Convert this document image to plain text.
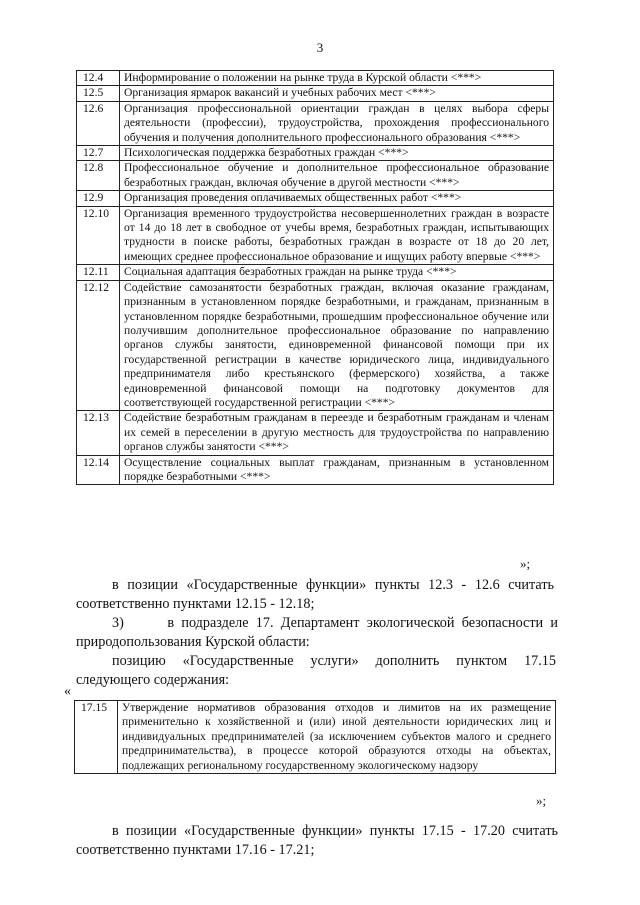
3
12.4	Информирование о положении на рынке труда в Курской области <***>
12.5	Организация ярмарок вакансий и учебных рабочих мест <***>
12.6	Организация профессиональной ориентации граждан в целях выбора сферы деятельности (профессии), трудоустройства, прохождения профессионального обучения и получения дополнительного профессионального образования <***>
12.7	Психологическая поддержка безработных граждан <***>
12.8	Профессиональное обучение и дополнительное профессиональное образование безработных граждан, включая обучение в другой местности <***>
12.9	Организация проведения оплачиваемых общественных работ <***>
12.10	Организация временного трудоустройства несовершеннолетних граждан в возрасте от 14 до 18 лет в свободное от учебы время, безработных граждан, испытывающих трудности в поиске работы, безработных граждан в возрасте от 18 до 20 лет, имеющих среднее профессиональное образование и ищущих работу впервые <***>
12.11	Социальная адаптация безработных граждан на рынке труда <***>
12.12	Содействие самозанятости безработных граждан, включая оказание гражданам, признанным в установленном порядке безработными, и гражданам, признанным в установленном порядке безработными, прошедшим профессиональное обучение или получившим дополнительное профессиональное образование по направлению органов службы занятости, единовременной финансовой помощи при их государственной регистрации в качестве юридического лица, индивидуального предпринимателя либо крестьянского (фермерского) хозяйства, а также единовременной финансовой помощи на подготовку документов для соответствующей государственной регистрации <***>
12.13	Содействие безработным гражданам в переезде и безработным гражданам и членам их семей в переселении в другую местность для трудоустройства по направлению органов службы занятости <***>
12.14	Осуществление социальных выплат гражданам, признанным в установленном порядке безработными <***>
»;
в позиции «Государственные функции» пункты 12.3 - 12.6 считать
соответственно пунктами 12.15 - 12.18;
3)      в подразделе 17. Департамент экологической безопасности и
природопользования Курской области:
позицию «Государственные услуги» дополнить пунктом 17.15
следующего содержания:
«
17.15	Утверждение нормативов образования отходов и лимитов на их размещение применительно к хозяйственной и (или) иной деятельности юридических лиц и индивидуальных предпринимателей (за исключением субъектов малого и среднего предпринимательства), в процессе которой образуются отходы на объектах, подлежащих региональному государственному экологическому надзору
»;
в позиции «Государственные функции» пункты 17.15 - 17.20 считать
соответственно пунктами 17.16 - 17.21;
